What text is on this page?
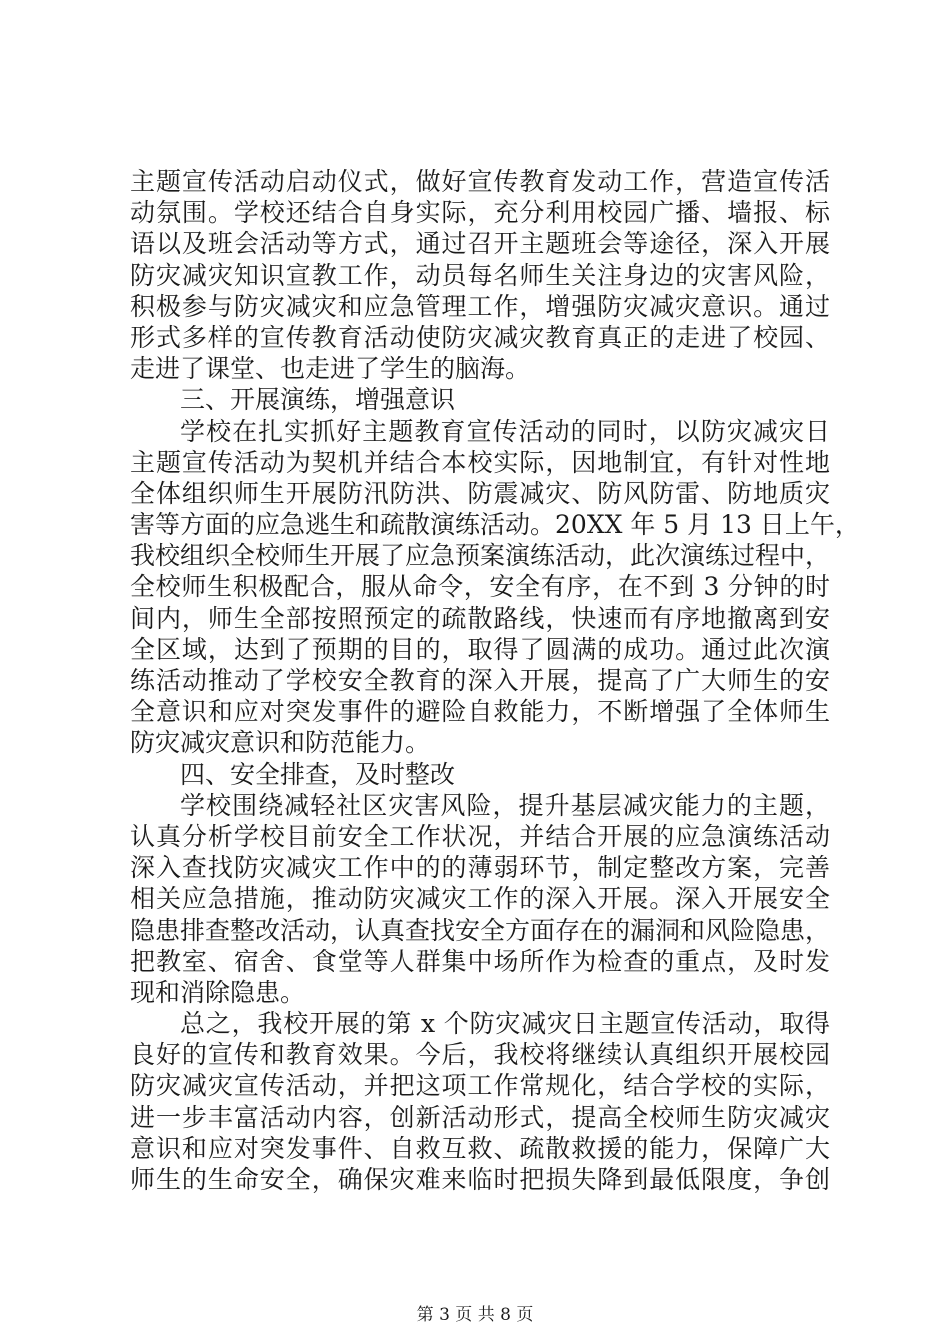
主题宣传活动启动仪式，做好宣传教育发动工作，营造宣传活
动氛围。学校还结合自身实际，充分利用校园广播、墙报、标
语以及班会活动等方式，通过召开主题班会等途径，深入开展
防灾减灾知识宣教工作，动员每名师生关注身边的灾害风险，
积极参与防灾减灾和应急管理工作，增强防灾减灾意识。通过
形式多样的宣传教育活动使防灾减灾教育真正的走进了校园、
走进了课堂、也走进了学生的脑海。
三、开展演练，增强意识
学校在扎实抓好主题教育宣传活动的同时，以防灾减灾日
主题宣传活动为契机并结合本校实际，因地制宜，有针对性地
全体组织师生开展防汛防洪、防震减灾、防风防雷、防地质灾
害等方面的应急逃生和疏散演练活动。20XX 年 5 月 13 日上午，
我校组织全校师生开展了应急预案演练活动，此次演练过程中，
全校师生积极配合，服从命令，安全有序，在不到 3 分钟的时
间内，师生全部按照预定的疏散路线，快速而有序地撤离到安
全区域，达到了预期的目的，取得了圆满的成功。通过此次演
练活动推动了学校安全教育的深入开展，提高了广大师生的安
全意识和应对突发事件的避险自救能力，不断增强了全体师生
防灾减灾意识和防范能力。
四、安全排查，及时整改
学校围绕减轻社区灾害风险，提升基层减灾能力的主题，
认真分析学校目前安全工作状况，并结合开展的应急演练活动
深入查找防灾减灾工作中的的薄弱环节，制定整改方案，完善
相关应急措施，推动防灾减灾工作的深入开展。深入开展安全
隐患排查整改活动，认真查找安全方面存在的漏洞和风险隐患，
把教室、宿舍、食堂等人群集中场所作为检查的重点，及时发
现和消除隐患。
总之，我校开展的第 x 个防灾减灾日主题宣传活动，取得
良好的宣传和教育效果。今后，我校将继续认真组织开展校园
防灾减灾宣传活动，并把这项工作常规化，结合学校的实际，
进一步丰富活动内容，创新活动形式，提高全校师生防灾减灾
意识和应对突发事件、自救互救、疏散救援的能力，保障广大
师生的生命安全，确保灾难来临时把损失降到最低限度，争创
第 3 页 共 8 页
